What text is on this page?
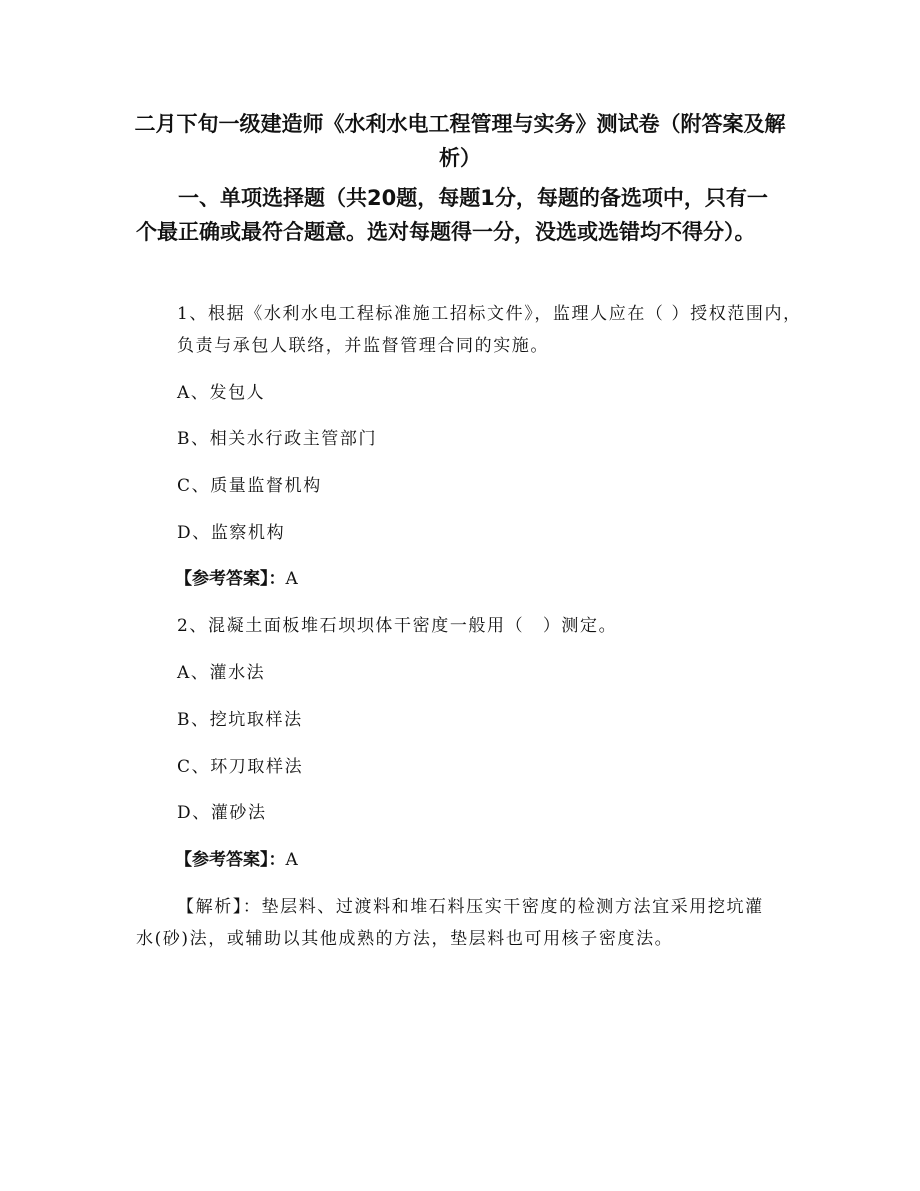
二月下旬一级建造师《水利水电工程管理与实务》测试卷（附答案及解析）

一、单项选择题（共20题，每题1分，每题的备选项中，只有一个最正确或最符合题意。选对每题得一分，没选或选错均不得分）。

1、根据《水利水电工程标准施工招标文件》，监理人应在（ ）授权范围内，负责与承包人联络，并监督管理合同的实施。

A、发包人

B、相关水行政主管部门

C、质量监督机构

D、监察机构

【参考答案】：A

2、混凝土面板堆石坝坝体干密度一般用（　）测定。

A、灌水法

B、挖坑取样法

C、环刀取样法

D、灌砂法

【参考答案】：A

【解析】：垫层料、过渡料和堆石料压实干密度的检测方法宜采用挖坑灌水(砂)法，或辅助以其他成熟的方法，垫层料也可用核子密度法。
